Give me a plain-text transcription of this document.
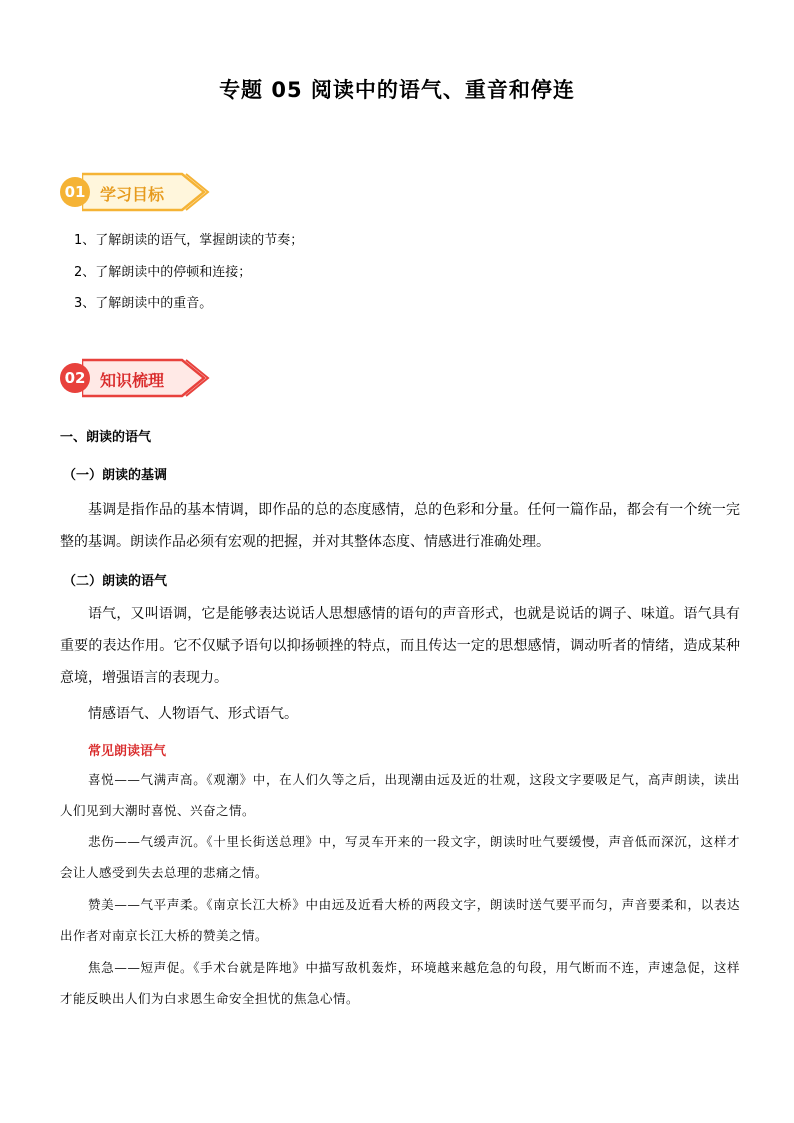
专题 05 阅读中的语气、重音和停连
01 学习目标
1、了解朗读的语气，掌握朗读的节奏；
2、了解朗读中的停顿和连接；
3、了解朗读中的重音。
02 知识梳理
一、朗读的语气
（一）朗读的基调
基调是指作品的基本情调，即作品的总的态度感情，总的色彩和分量。任何一篇作品，都会有一个统一完整的基调。朗读作品必须有宏观的把握，并对其整体态度、情感进行准确处理。
（二）朗读的语气
语气，又叫语调，它是能够表达说话人思想感情的语句的声音形式，也就是说话的调子、味道。语气具有重要的表达作用。它不仅赋予语句以抑扬顿挫的特点，而且传达一定的思想感情，调动听者的情绪，造成某种意境，增强语言的表现力。
情感语气、人物语气、形式语气。
常见朗读语气
喜悦——气满声高。《观潮》中，在人们久等之后，出现潮由远及近的壮观，这段文字要吸足气，高声朗读，读出人们见到大潮时喜悦、兴奋之情。
悲伤——气缓声沉。《十里长街送总理》中，写灵车开来的一段文字，朗读时吐气要缓慢，声音低而深沉，这样才会让人感受到失去总理的悲痛之情。
赞美——气平声柔。《南京长江大桥》中由远及近看大桥的两段文字，朗读时送气要平而匀，声音要柔和，以表达出作者对南京长江大桥的赞美之情。
焦急——短声促。《手术台就是阵地》中描写敌机轰炸，环境越来越危急的句段，用气断而不连，声速急促，这样才能反映出人们为白求恩生命安全担忧的焦急心情。
